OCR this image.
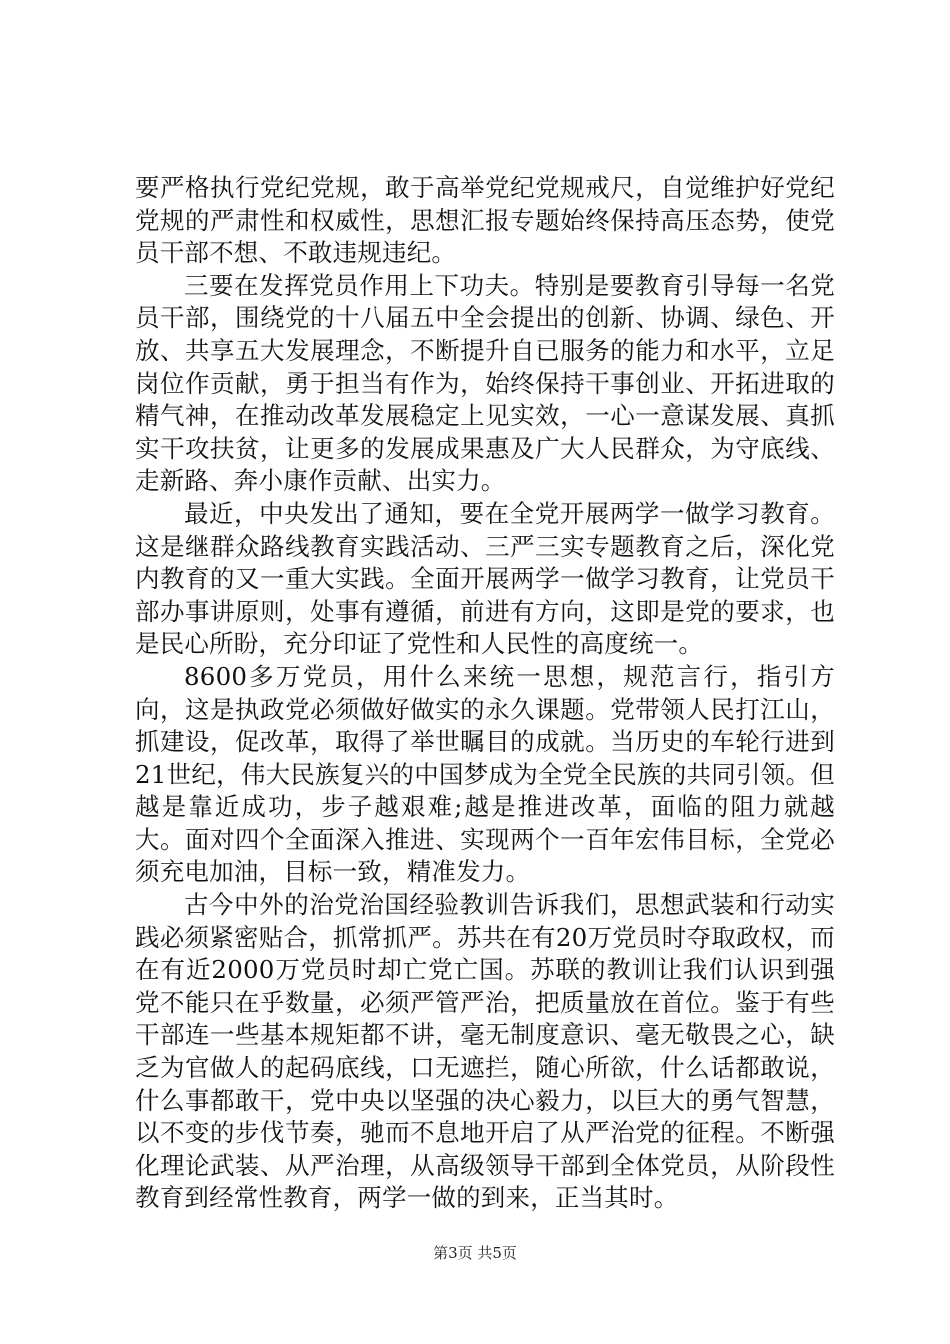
要严格执行党纪党规，敢于高举党纪党规戒尺，自觉维护好党纪党规的严肃性和权威性，思想汇报专题始终保持高压态势，使党员干部不想、不敢违规违纪。

三要在发挥党员作用上下功夫。特别是要教育引导每一名党员干部，围绕党的十八届五中全会提出的创新、协调、绿色、开放、共享五大发展理念，不断提升自已服务的能力和水平，立足岗位作贡献，勇于担当有作为，始终保持干事创业、开拓进取的精气神，在推动改革发展稳定上见实效，一心一意谋发展、真抓实干攻扶贫，让更多的发展成果惠及广大人民群众，为守底线、走新路、奔小康作贡献、出实力。

最近，中央发出了通知，要在全党开展两学一做学习教育。这是继群众路线教育实践活动、三严三实专题教育之后，深化党内教育的又一重大实践。全面开展两学一做学习教育，让党员干部办事讲原则，处事有遵循，前进有方向，这即是党的要求，也是民心所盼，充分印证了党性和人民性的高度统一。

8600多万党员，用什么来统一思想，规范言行，指引方向，这是执政党必须做好做实的永久课题。党带领人民打江山，抓建设，促改革，取得了举世瞩目的成就。当历史的车轮行进到21世纪，伟大民族复兴的中国梦成为全党全民族的共同引领。但越是靠近成功，步子越艰难;越是推进改革，面临的阻力就越大。面对四个全面深入推进、实现两个一百年宏伟目标，全党必须充电加油，目标一致，精准发力。

古今中外的治党治国经验教训告诉我们，思想武装和行动实践必须紧密贴合，抓常抓严。苏共在有20万党员时夺取政权，而在有近2000万党员时却亡党亡国。苏联的教训让我们认识到强党不能只在乎数量，必须严管严治，把质量放在首位。鉴于有些干部连一些基本规矩都不讲，毫无制度意识、毫无敬畏之心，缺乏为官做人的起码底线，口无遮拦，随心所欲，什么话都敢说，什么事都敢干，党中央以坚强的决心毅力，以巨大的勇气智慧，以不变的步伐节奏，驰而不息地开启了从严治党的征程。不断强化理论武装、从严治理，从高级领导干部到全体党员，从阶段性教育到经常性教育，两学一做的到来，正当其时。

第3页 共5页
